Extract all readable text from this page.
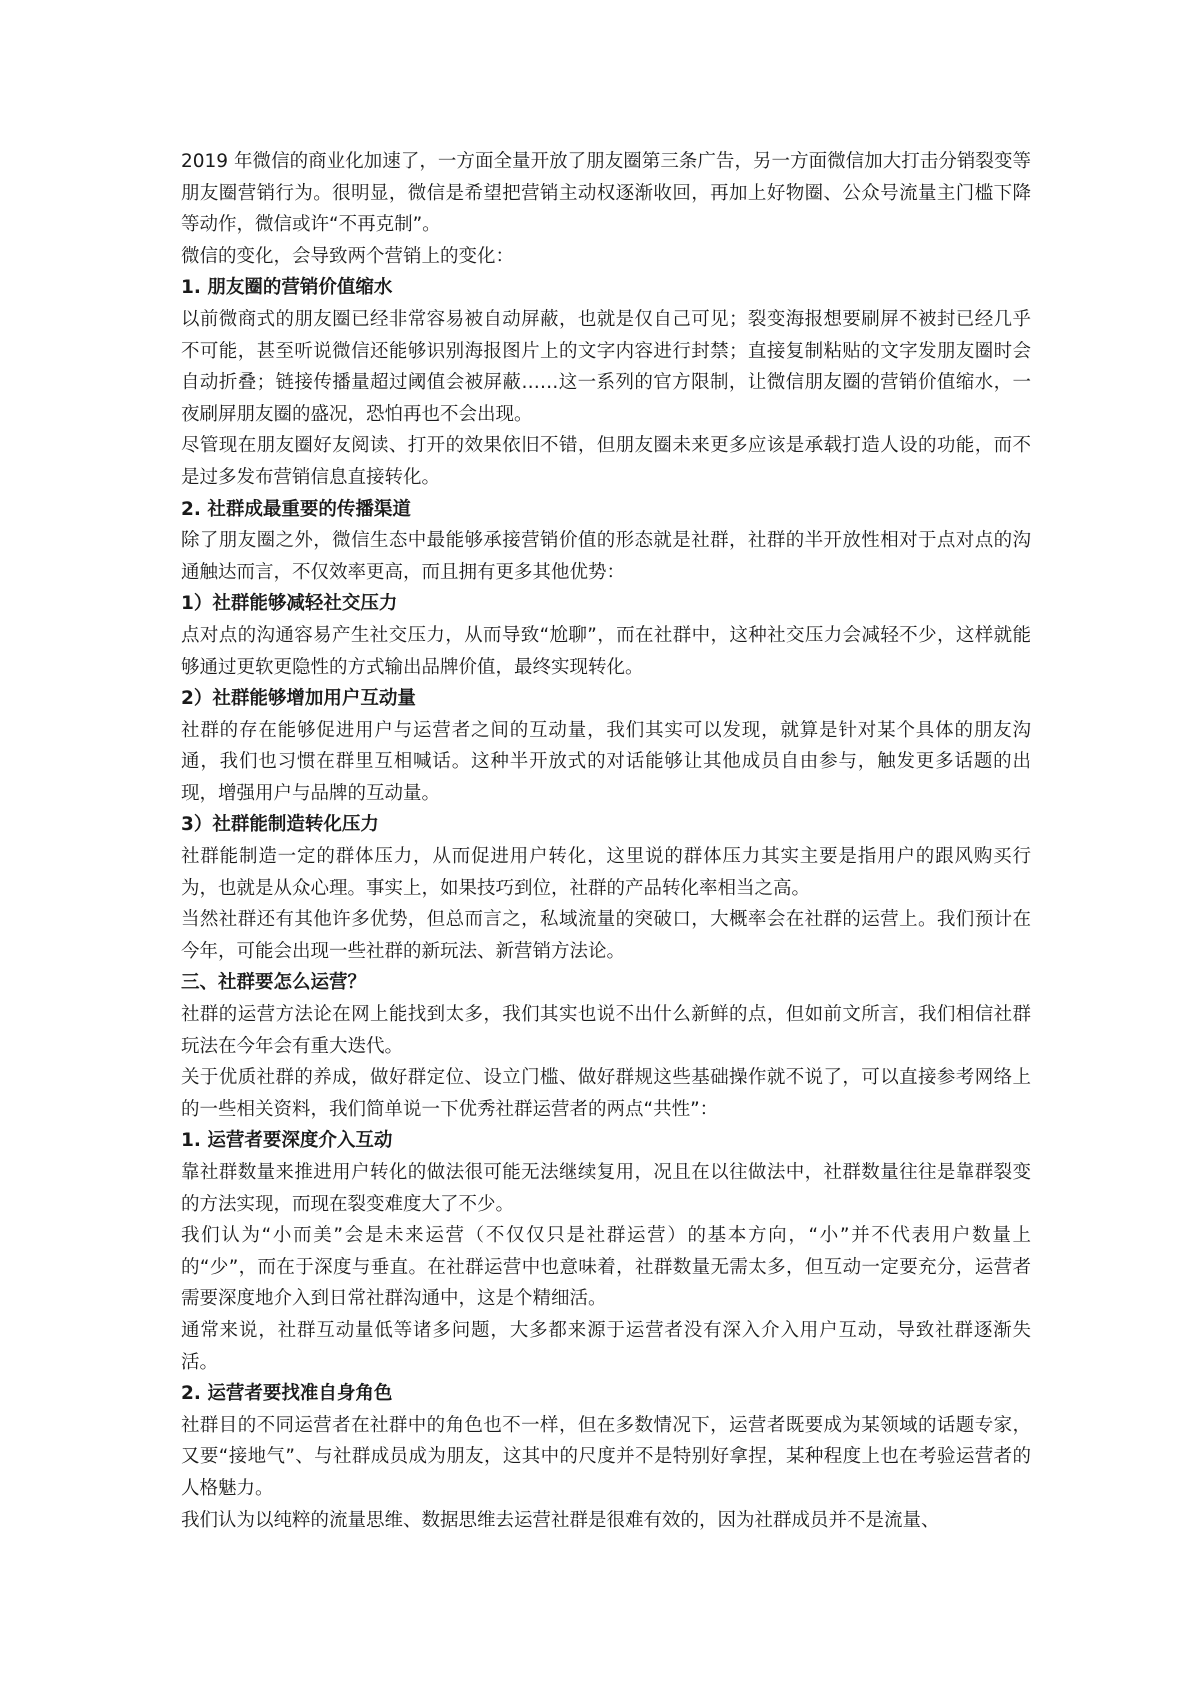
2019 年微信的商业化加速了，一方面全量开放了朋友圈第三条广告，另一方面微信加大打击分销裂变等朋友圈营销行为。很明显，微信是希望把营销主动权逐渐收回，再加上好物圈、公众号流量主门槛下降等动作，微信或许“不再克制”。

微信的变化，会导致两个营销上的变化：

1. 朋友圈的营销价值缩水

以前微商式的朋友圈已经非常容易被自动屏蔽，也就是仅自己可见；裂变海报想要刷屏不被封已经几乎不可能，甚至听说微信还能够识别海报图片上的文字内容进行封禁；直接复制粘贴的文字发朋友圈时会自动折叠；链接传播量超过阈值会被屏蔽……这一系列的官方限制，让微信朋友圈的营销价值缩水，一夜刷屏朋友圈的盛况，恐怕再也不会出现。

尽管现在朋友圈好友阅读、打开的效果依旧不错，但朋友圈未来更多应该是承载打造人设的功能，而不是过多发布营销信息直接转化。

2. 社群成最重要的传播渠道

除了朋友圈之外，微信生态中最能够承接营销价值的形态就是社群，社群的半开放性相对于点对点的沟通触达而言，不仅效率更高，而且拥有更多其他优势：

1）社群能够减轻社交压力

点对点的沟通容易产生社交压力，从而导致“尬聊”，而在社群中，这种社交压力会减轻不少，这样就能够通过更软更隐性的方式输出品牌价值，最终实现转化。

2）社群能够增加用户互动量

社群的存在能够促进用户与运营者之间的互动量，我们其实可以发现，就算是针对某个具体的朋友沟通，我们也习惯在群里互相喊话。这种半开放式的对话能够让其他成员自由参与，触发更多话题的出现，增强用户与品牌的互动量。

3）社群能制造转化压力

社群能制造一定的群体压力，从而促进用户转化，这里说的群体压力其实主要是指用户的跟风购买行为，也就是从众心理。事实上，如果技巧到位，社群的产品转化率相当之高。

当然社群还有其他许多优势，但总而言之，私域流量的突破口，大概率会在社群的运营上。我们预计在今年，可能会出现一些社群的新玩法、新营销方法论。

三、社群要怎么运营？

社群的运营方法论在网上能找到太多，我们其实也说不出什么新鲜的点，但如前文所言，我们相信社群玩法在今年会有重大迭代。

关于优质社群的养成，做好群定位、设立门槛、做好群规这些基础操作就不说了，可以直接参考网络上的一些相关资料，我们简单说一下优秀社群运营者的两点“共性”：

1. 运营者要深度介入互动

靠社群数量来推进用户转化的做法很可能无法继续复用，况且在以往做法中，社群数量往往是靠群裂变的方法实现，而现在裂变难度大了不少。

我们认为“小而美”会是未来运营（不仅仅只是社群运营）的基本方向，“小”并不代表用户数量上的“少”，而在于深度与垂直。在社群运营中也意味着，社群数量无需太多，但互动一定要充分，运营者需要深度地介入到日常社群沟通中，这是个精细活。

通常来说，社群互动量低等诸多问题，大多都来源于运营者没有深入介入用户互动，导致社群逐渐失活。

2. 运营者要找准自身角色

社群目的不同运营者在社群中的角色也不一样，但在多数情况下，运营者既要成为某领域的话题专家，又要“接地气”、与社群成员成为朋友，这其中的尺度并不是特别好拿捏，某种程度上也在考验运营者的人格魅力。

我们认为以纯粹的流量思维、数据思维去运营社群是很难有效的，因为社群成员并不是流量、
